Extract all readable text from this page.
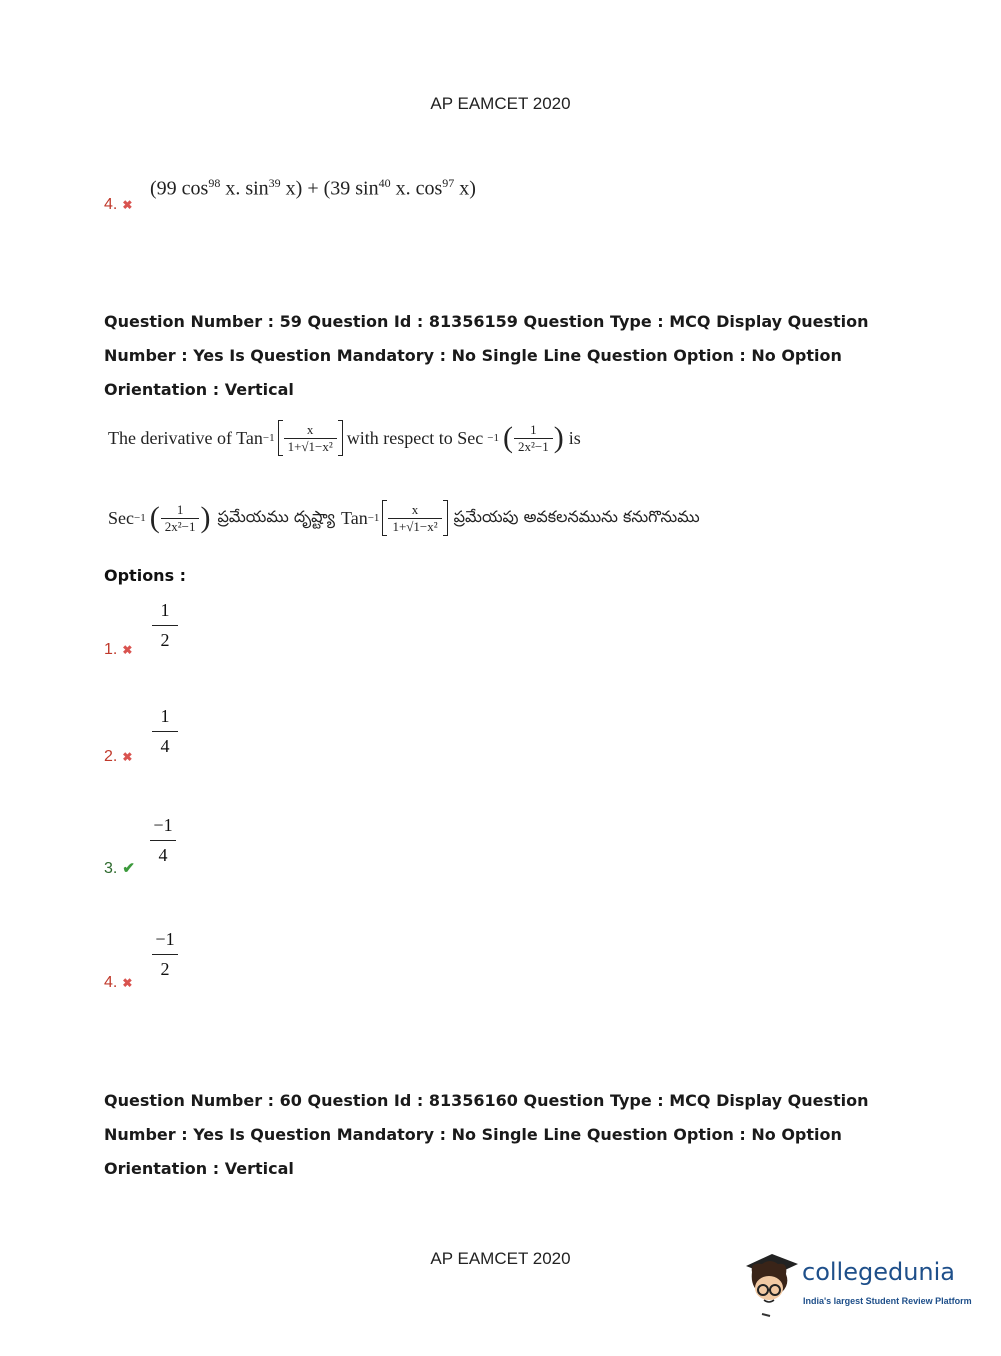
AP EAMCET 2020
4. ✖
(99 $\cos^{98} x$. $\sin^{39} x) + (39$ $\sin^{40} x$. $\cos^{97} x$)
Question Number : 59 Question Id : 81356159 Question Type : MCQ Display Question Number : Yes Is Question Mandatory : No Single Line Question Option : No Option Orientation : Vertical
The derivative of Tan $-1 \frac{x}{\text{1+√1−x²}}$ with respect to Sec −1 ( $\frac{1}{\text{2x²−1}}$ ) is
Sec −1 ( $\frac{1}{\text{2x²−1}}$ ) ప్రమేయము దృష్ట్యా Tan $-1 \frac{x}{\text{1+√1−x²}}$ ప్రమేయపు అవకలనమును కనుగొనుము
Options :
$\frac{1}{2}$
1. ✖
$\frac{1}{4}$
2. ✖
$\frac{-1}{4}$
3. ✔
$\frac{-1}{2}$
4. ✖
Question Number : 60 Question Id : 81356160 Question Type : MCQ Display Question Number : Yes Is Question Mandatory : No Single Line Question Option : No Option Orientation : Vertical
AP EAMCET 2020	collegedunia
India's largest Student Review Platform
